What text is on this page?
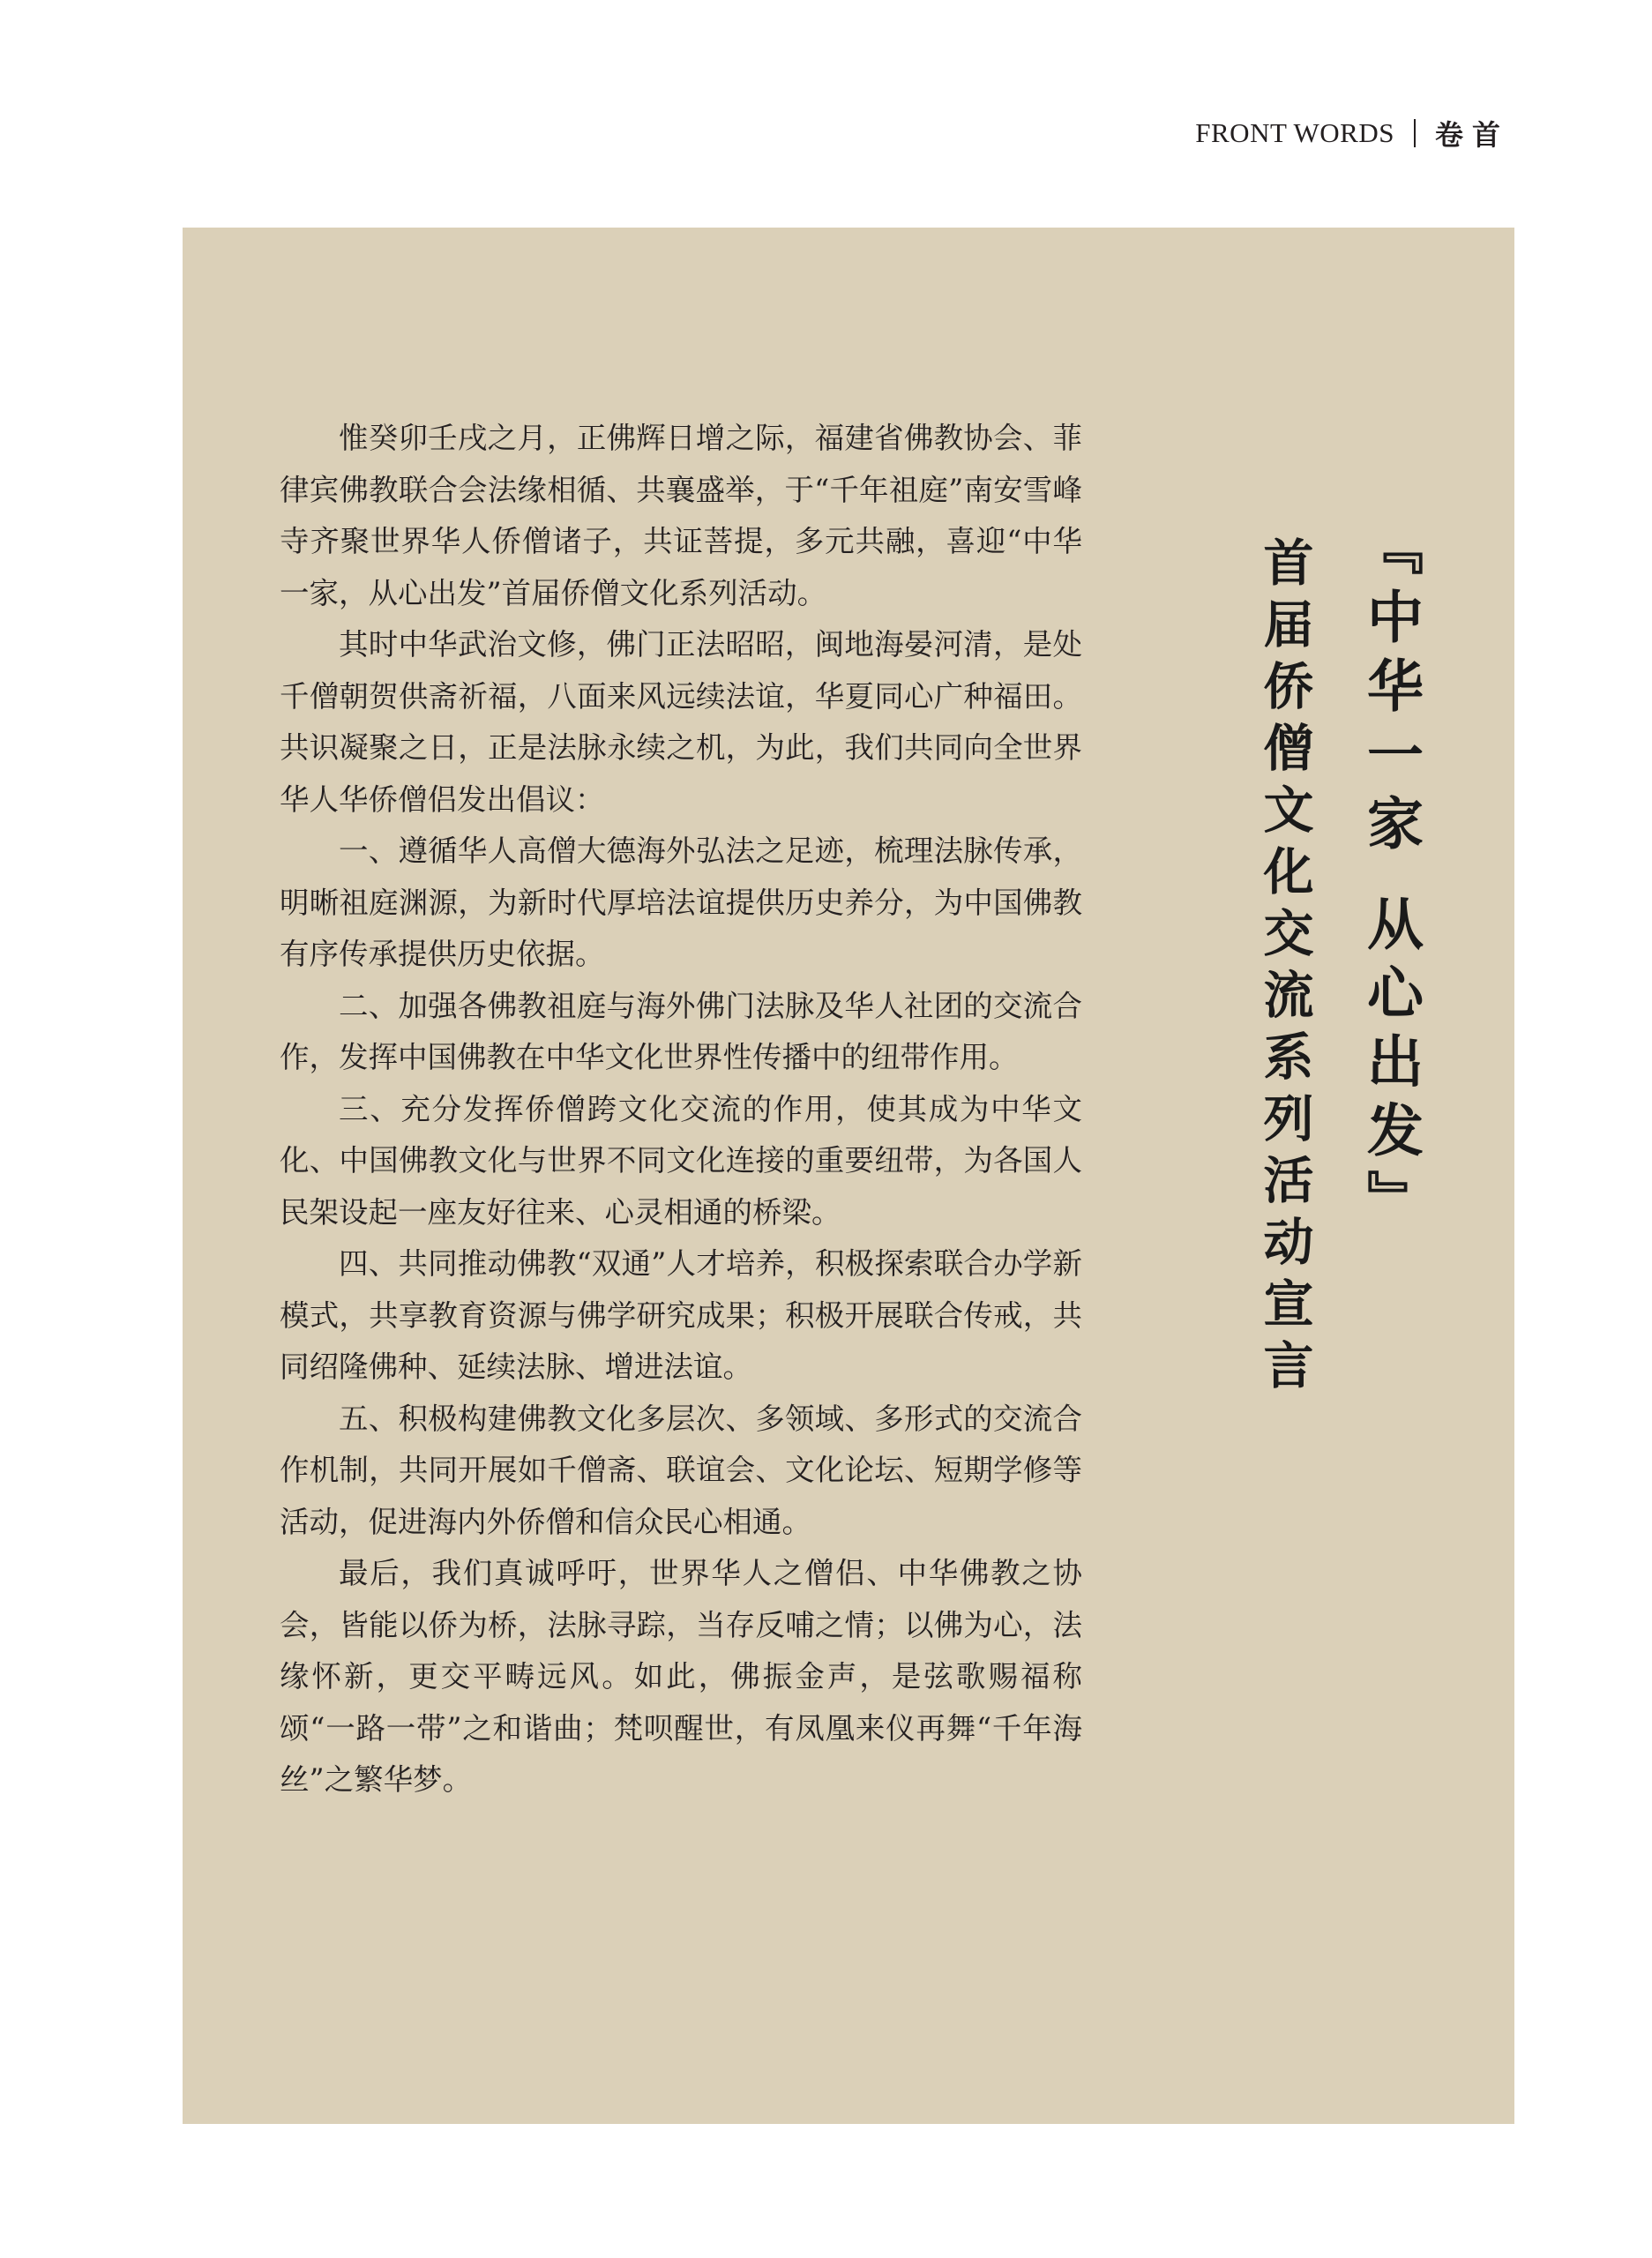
FRONT WORDS 卷首

惟癸卯壬戌之月，正佛辉日增之际，福建省佛教协会、菲律宾佛教联合会法缘相循、共襄盛举，于“千年祖庭”南安雪峰寺齐聚世界华人侨僧诸子，共证菩提，多元共融，喜迎“中华一家，从心出发”首届侨僧文化系列活动。

其时中华武治文修，佛门正法昭昭，闽地海晏河清，是处千僧朝贺供斋祈福，八面来风远续法谊，华夏同心广种福田。共识凝聚之日，正是法脉永续之机，为此，我们共同向全世界华人华侨僧侣发出倡议：

一、遵循华人高僧大德海外弘法之足迹，梳理法脉传承，明晰祖庭渊源，为新时代厚培法谊提供历史养分，为中国佛教有序传承提供历史依据。

二、加强各佛教祖庭与海外佛门法脉及华人社团的交流合作，发挥中国佛教在中华文化世界性传播中的纽带作用。

三、充分发挥侨僧跨文化交流的作用，使其成为中华文化、中国佛教文化与世界不同文化连接的重要纽带，为各国人民架设起一座友好往来、心灵相通的桥梁。

四、共同推动佛教“双通”人才培养，积极探索联合办学新模式，共享教育资源与佛学研究成果；积极开展联合传戒，共同绍隆佛种、延续法脉、增进法谊。

五、积极构建佛教文化多层次、多领域、多形式的交流合作机制，共同开展如千僧斋、联谊会、文化论坛、短期学修等活动，促进海内外侨僧和信众民心相通。

最后，我们真诚呼吁，世界华人之僧侣、中华佛教之协会，皆能以侨为桥，法脉寻踪，当存反哺之情；以佛为心，法缘怀新，更交平畴远风。如此，佛振金声，是弦歌赐福称颂“一路一带”之和谐曲；梵呗醒世，有凤凰来仪再舞“千年海丝”之繁华梦。

『中华一家 从心出发』
首届侨僧文化交流系列活动宣言
